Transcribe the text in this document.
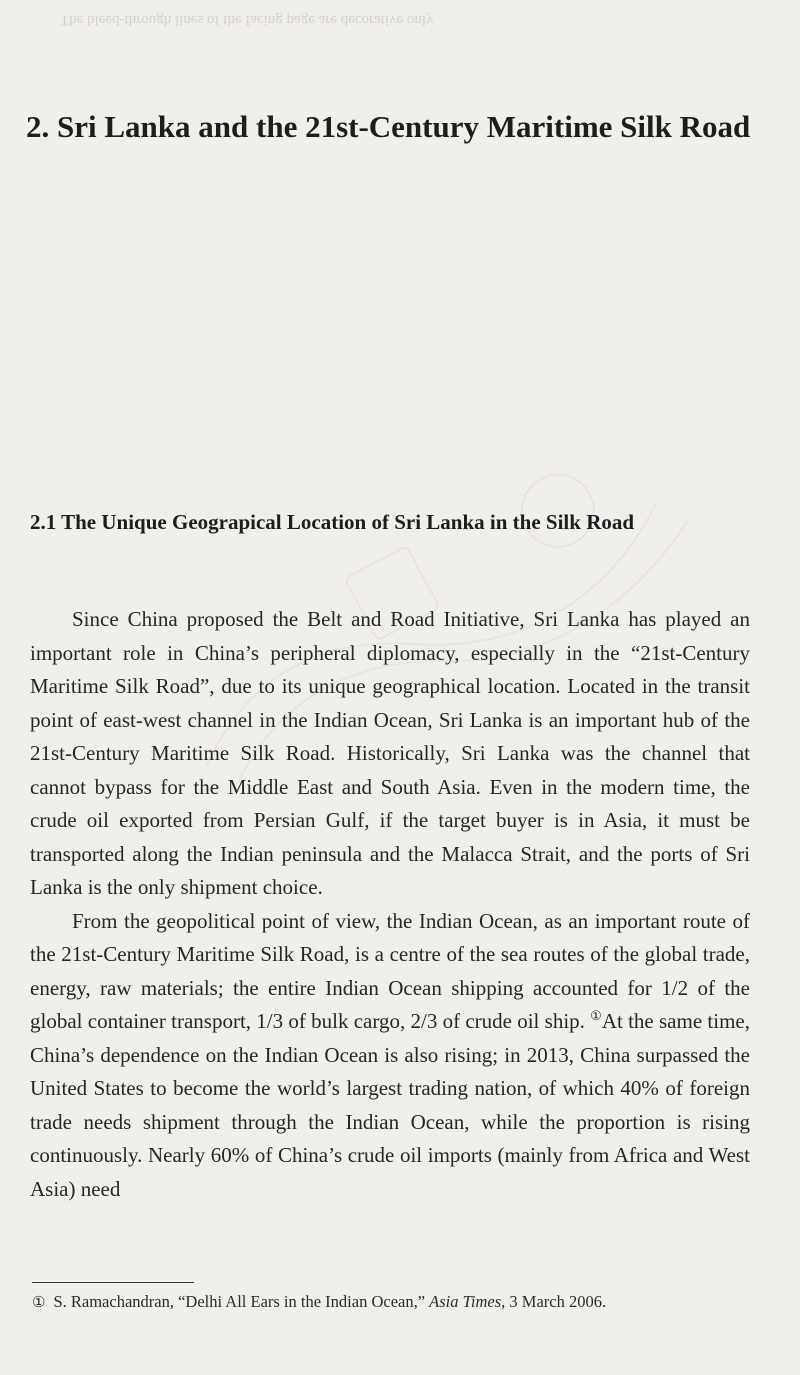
The bleed-through lines of the facing page are decorative only
2. Sri Lanka and the 21st-Century Maritime Silk Road
2.1 The Unique Geograpical Location of Sri Lanka in the Silk Road

Since China proposed the Belt and Road Initiative, Sri Lanka has played an important role in China’s peripheral diplomacy, especially in the “21st-Century Maritime Silk Road”, due to its unique geographical location. Located in the transit point of east-west channel in the Indian Ocean, Sri Lanka is an important hub of the 21st-Century Maritime Silk Road. Historically, Sri Lanka was the channel that cannot bypass for the Middle East and South Asia. Even in the modern time, the crude oil exported from Persian Gulf, if the target buyer is in Asia, it must be transported along the Indian peninsula and the Malacca Strait, and the ports of Sri Lanka is the only shipment choice.

From the geopolitical point of view, the Indian Ocean, as an important route of the 21st-Century Maritime Silk Road, is a centre of the sea routes of the global trade, energy, raw materials; the entire Indian Ocean shipping accounted for 1/2 of the global container transport, 1/3 of bulk cargo, 2/3 of crude oil ship. ①At the same time, China’s dependence on the Indian Ocean is also rising; in 2013, China surpassed the United States to become the world’s largest trading nation, of which 40% of foreign trade needs shipment through the Indian Ocean, while the proportion is rising continuously. Nearly 60% of China’s crude oil imports (mainly from Africa and West Asia) need

① S. Ramachandran, “Delhi All Ears in the Indian Ocean,” Asia Times, 3 March 2006.
